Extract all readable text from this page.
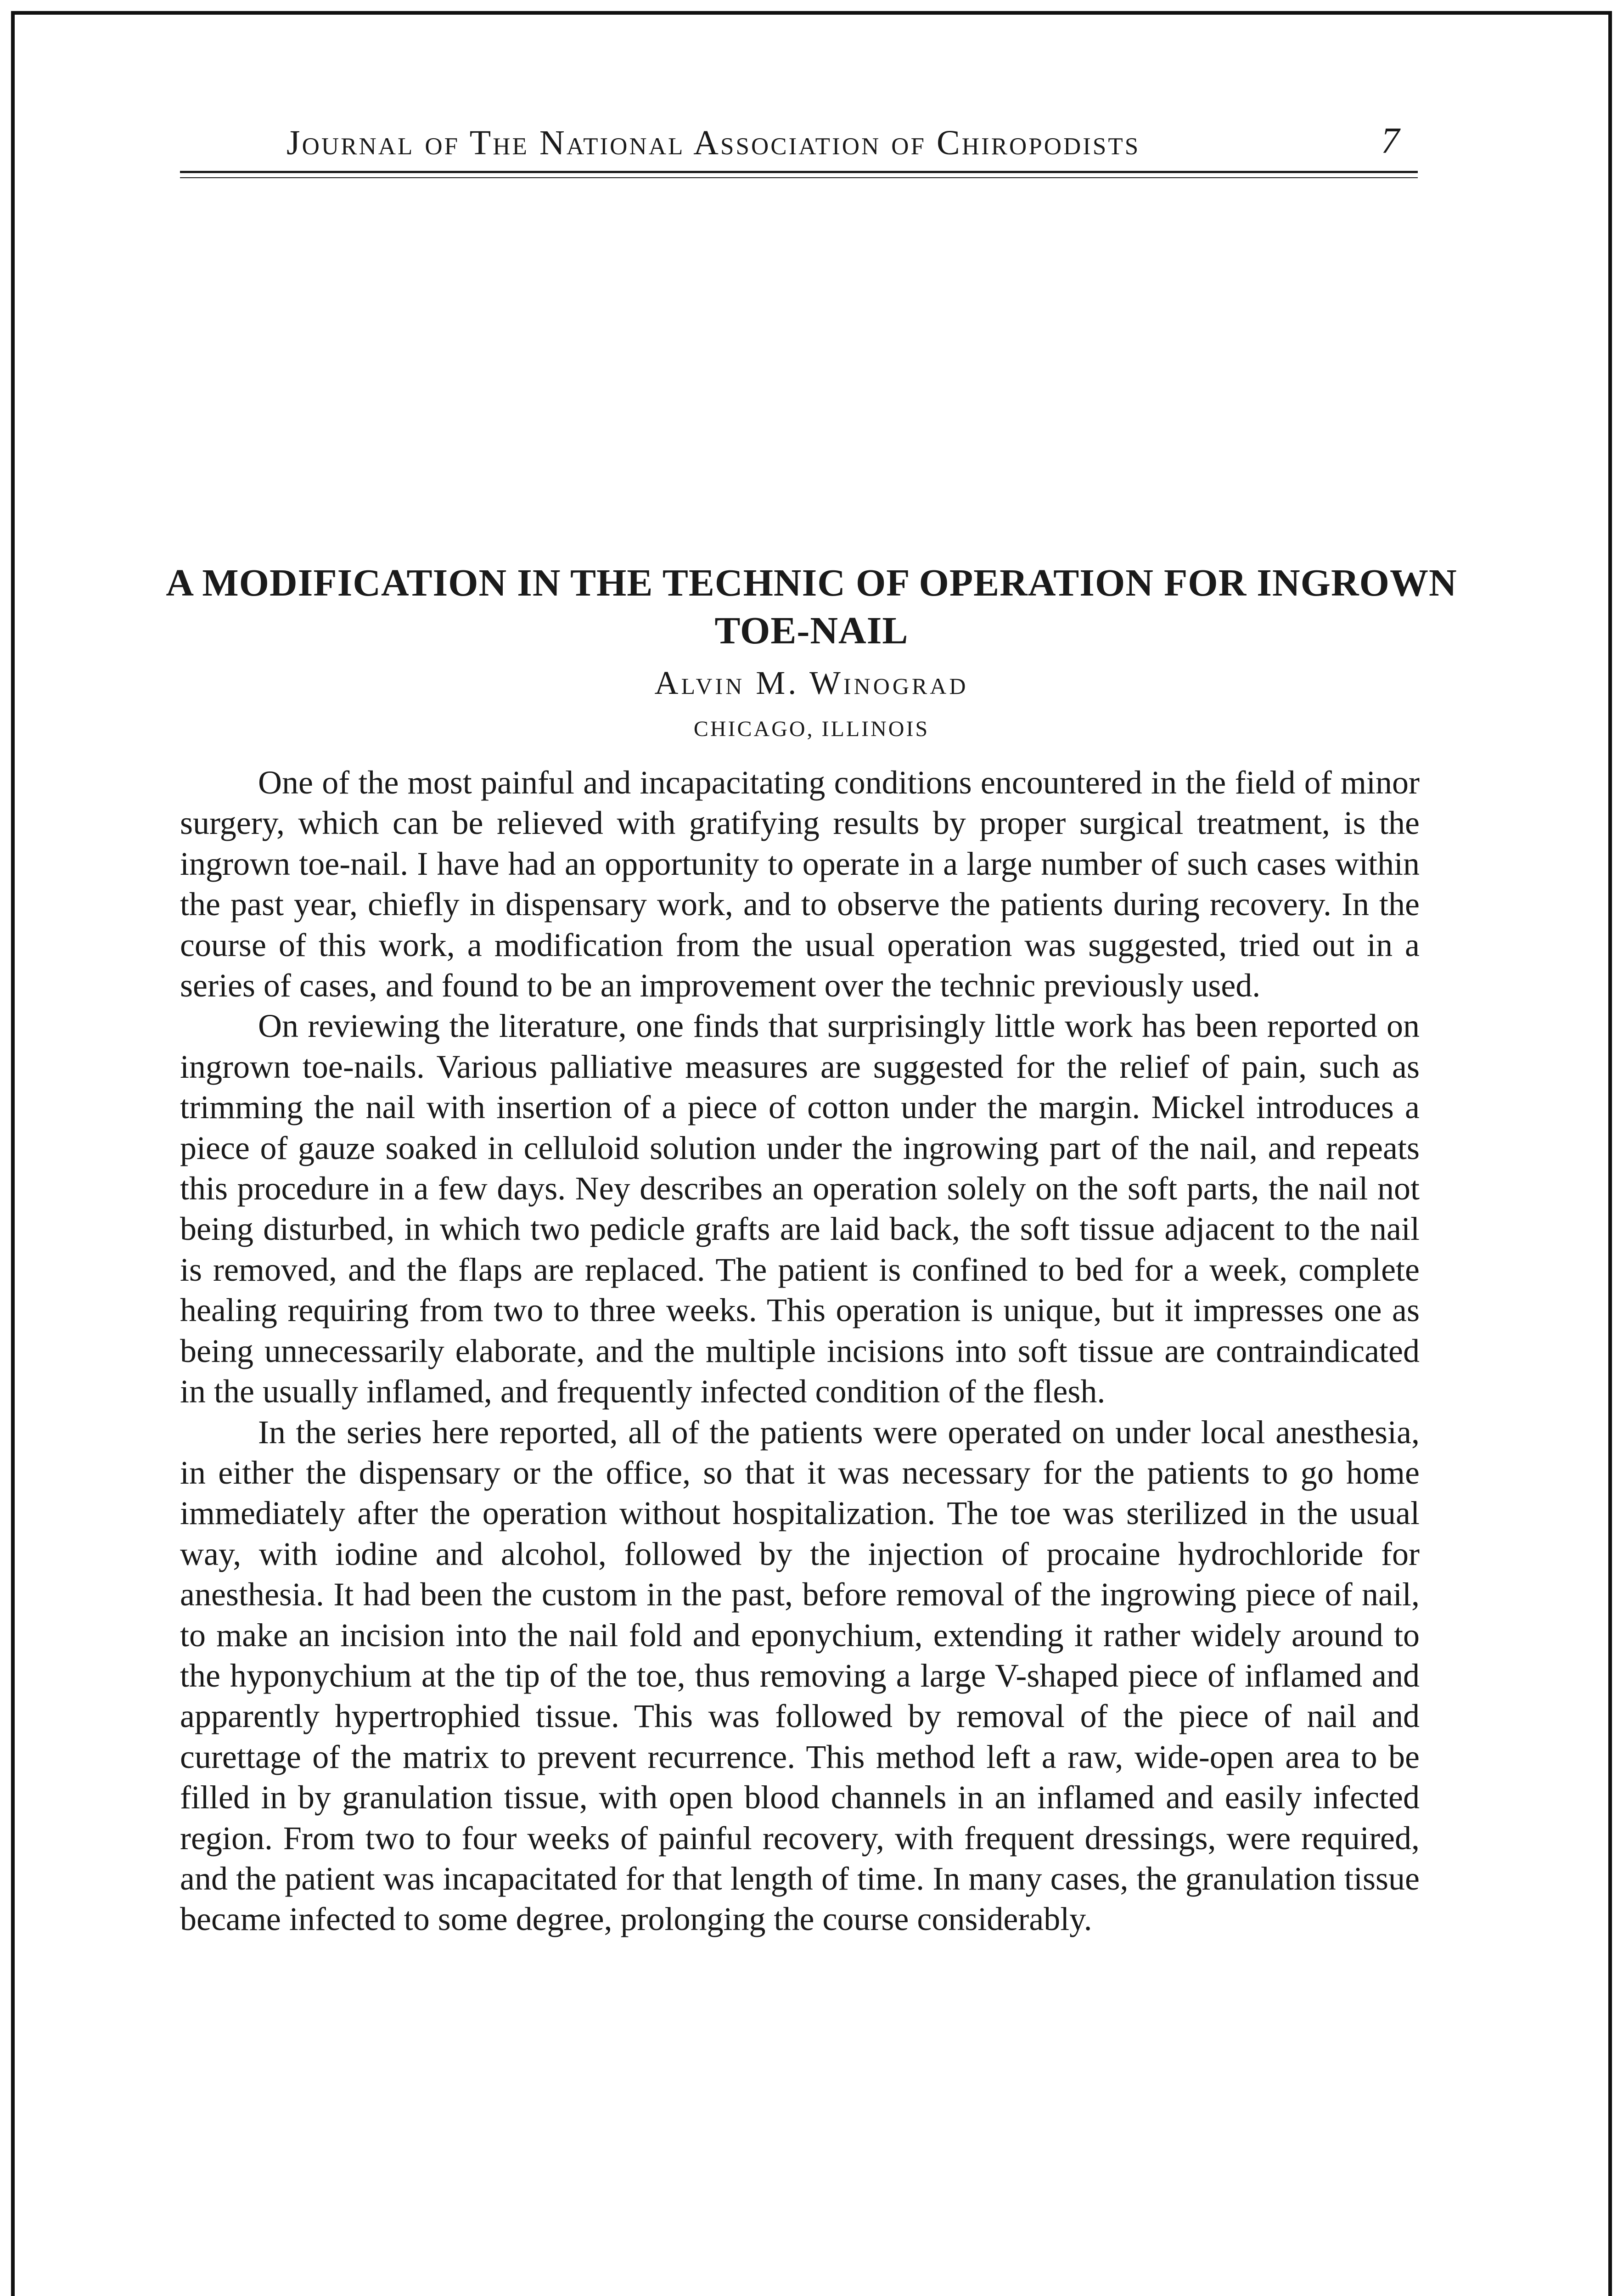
Journal of The National Association of Chiropodists	7
A MODIFICATION IN THE TECHNIC OF OPERATION FOR INGROWN TOE-NAIL
Alvin M. Winograd
CHICAGO, ILLINOIS

One of the most painful and incapacitating conditions encountered in the field of minor surgery, which can be relieved with gratifying results by proper surgical treatment, is the ingrown toe-nail. I have had an opportunity to operate in a large number of such cases within the past year, chiefly in dispensary work, and to observe the patients during recovery. In the course of this work, a modification from the usual operation was suggested, tried out in a series of cases, and found to be an improvement over the technic previously used.

On reviewing the literature, one finds that surprisingly little work has been reported on ingrown toe-nails. Various palliative measures are suggested for the relief of pain, such as trimming the nail with insertion of a piece of cotton under the margin. Mickel introduces a piece of gauze soaked in celluloid solution under the ingrowing part of the nail, and repeats this procedure in a few days. Ney describes an operation solely on the soft parts, the nail not being disturbed, in which two pedicle grafts are laid back, the soft tissue adjacent to the nail is removed, and the flaps are replaced. The patient is confined to bed for a week, complete healing requiring from two to three weeks. This operation is unique, but it impresses one as being unnecessarily elaborate, and the multiple incisions into soft tissue are contraindicated in the usually inflamed, and frequently infected condition of the flesh.

In the series here reported, all of the patients were operated on under local anesthesia, in either the dispensary or the office, so that it was necessary for the patients to go home immediately after the operation without hospitalization. The toe was sterilized in the usual way, with iodine and alcohol, followed by the injection of procaine hydrochloride for anesthesia. It had been the custom in the past, before removal of the ingrowing piece of nail, to make an incision into the nail fold and eponychium, extending it rather widely around to the hyponychium at the tip of the toe, thus removing a large V-shaped piece of inflamed and apparently hypertrophied tissue. This was followed by removal of the piece of nail and curettage of the matrix to prevent recurrence. This method left a raw, wide-open area to be filled in by granulation tissue, with open blood channels in an inflamed and easily infected region. From two to four weeks of painful recovery, with frequent dressings, were required, and the patient was incapacitated for that length of time. In many cases, the granulation tissue became infected to some degree, prolonging the course considerably.
